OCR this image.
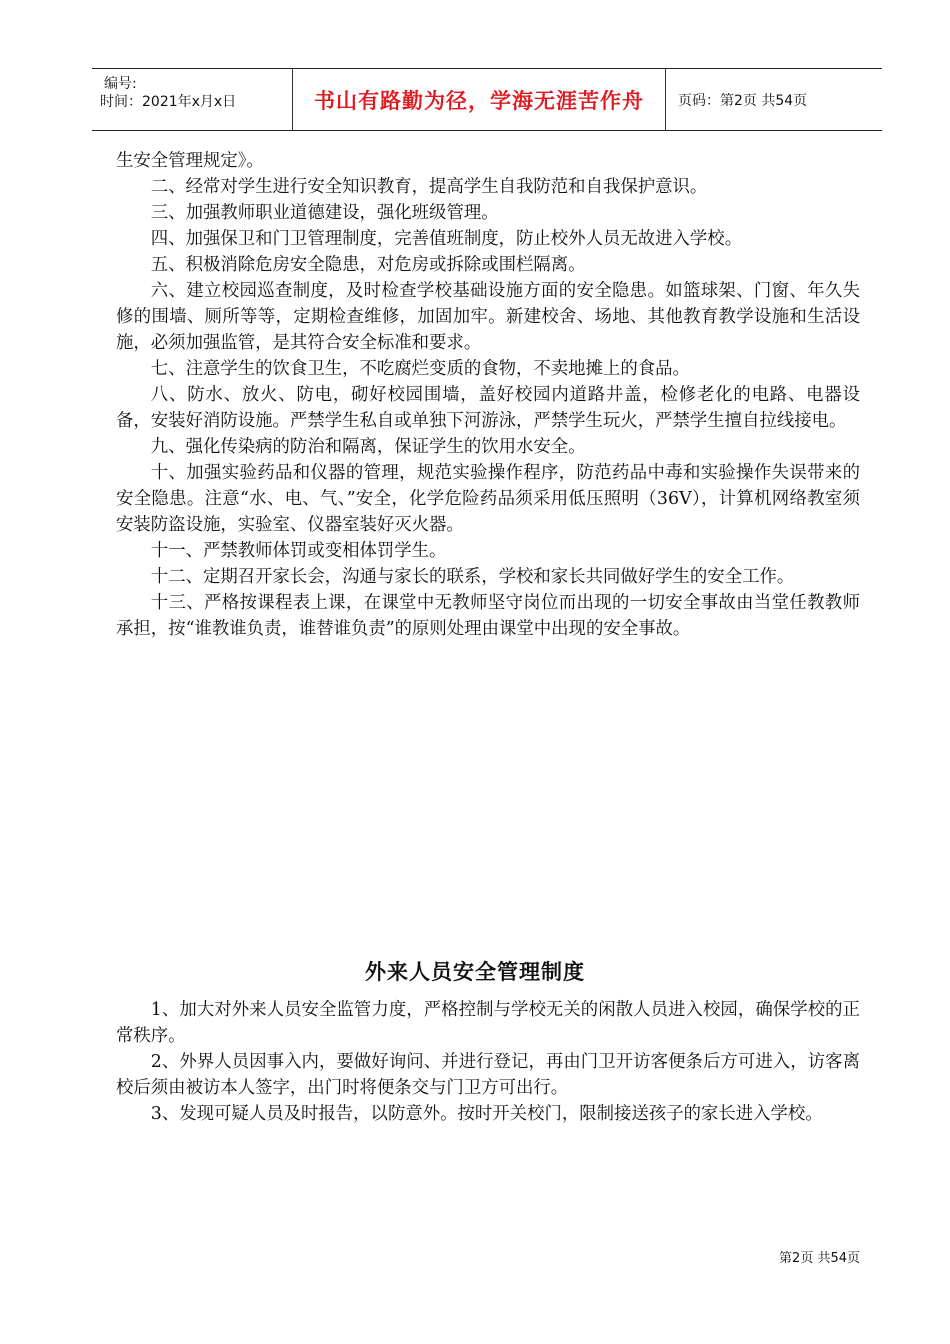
编号:
时间：2021年x月x日	书山有路勤为径，学海无涯苦作舟 页码：第2页 共54页

生安全管理规定》。

二、经常对学生进行安全知识教育，提高学生自我防范和自我保护意识。

三、加强教师职业道德建设，强化班级管理。

四、加强保卫和门卫管理制度，完善值班制度，防止校外人员无故进入学校。

五、积极消除危房安全隐患，对危房或拆除或围栏隔离。

六、建立校园巡查制度，及时检查学校基础设施方面的安全隐患。如篮球架、门窗、年久失修的围墙、厕所等等，定期检查维修，加固加牢。新建校舍、场地、其他教育教学设施和生活设施，必须加强监管，是其符合安全标准和要求。

七、注意学生的饮食卫生，不吃腐烂变质的食物，不卖地摊上的食品。

八、防水、放火、防电，砌好校园围墙，盖好校园内道路井盖，检修老化的电路、电器设备，安装好消防设施。严禁学生私自或单独下河游泳，严禁学生玩火，严禁学生擅自拉线接电。

九、强化传染病的防治和隔离，保证学生的饮用水安全。

十、加强实验药品和仪器的管理，规范实验操作程序，防范药品中毒和实验操作失误带来的安全隐患。注意“水、电、气、”安全，化学危险药品须采用低压照明（36V），计算机网络教室须安装防盗设施，实验室、仪器室装好灭火器。

十一、严禁教师体罚或变相体罚学生。

十二、定期召开家长会，沟通与家长的联系，学校和家长共同做好学生的安全工作。

十三、严格按课程表上课，在课堂中无教师坚守岗位而出现的一切安全事故由当堂任教教师承担，按“谁教谁负责，谁替谁负责”的原则处理由课堂中出现的安全事故。

外来人员安全管理制度

1、加大对外来人员安全监管力度，严格控制与学校无关的闲散人员进入校园，确保学校的正常秩序。

2、外界人员因事入内，要做好询问、并进行登记，再由门卫开访客便条后方可进入，访客离校后须由被访本人签字，出门时将便条交与门卫方可出行。

3、发现可疑人员及时报告，以防意外。按时开关校门，限制接送孩子的家长进入学校。

第2页 共54页
